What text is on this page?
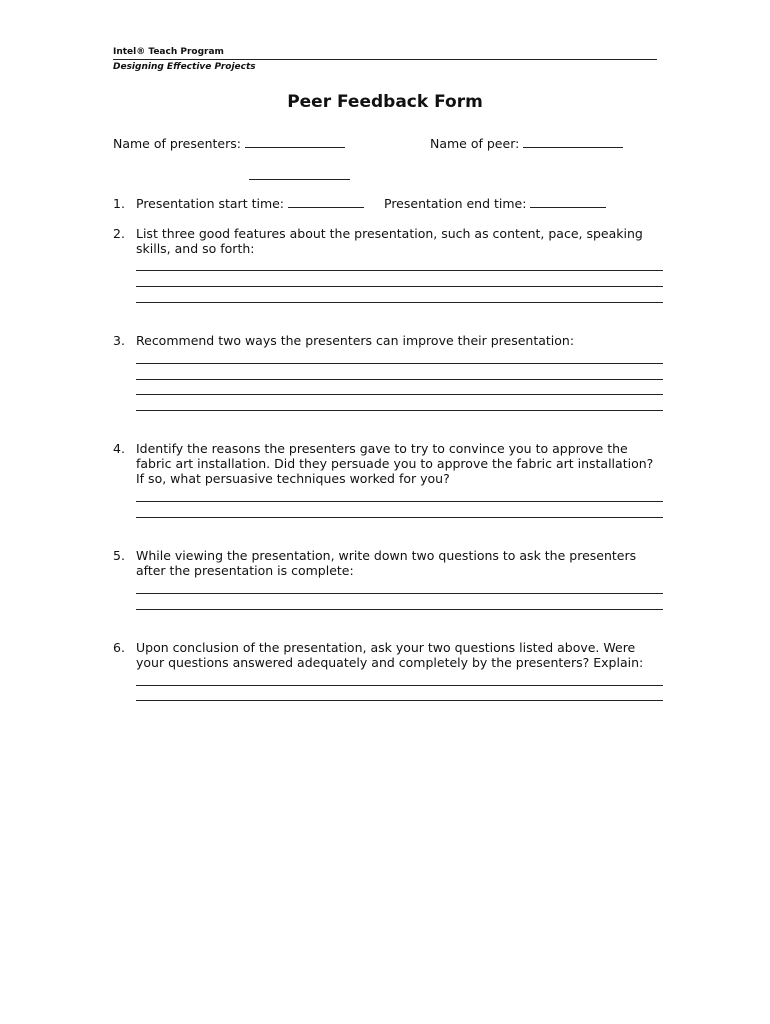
Intel® Teach Program
Designing Effective Projects
Peer Feedback Form
Name of presenters:	Name of peer:
1. Presentation start time:	Presentation end time:
2. List three good features about the presentation, such as content, pace, speaking
skills, and so forth:
3. Recommend two ways the presenters can improve their presentation:
4. Identify the reasons the presenters gave to try to convince you to approve the
fabric art installation. Did they persuade you to approve the fabric art installation?
If so, what persuasive techniques worked for you?
5. While viewing the presentation, write down two questions to ask the presenters
after the presentation is complete:
6. Upon conclusion of the presentation, ask your two questions listed above. Were
your questions answered adequately and completely by the presenters? Explain:
